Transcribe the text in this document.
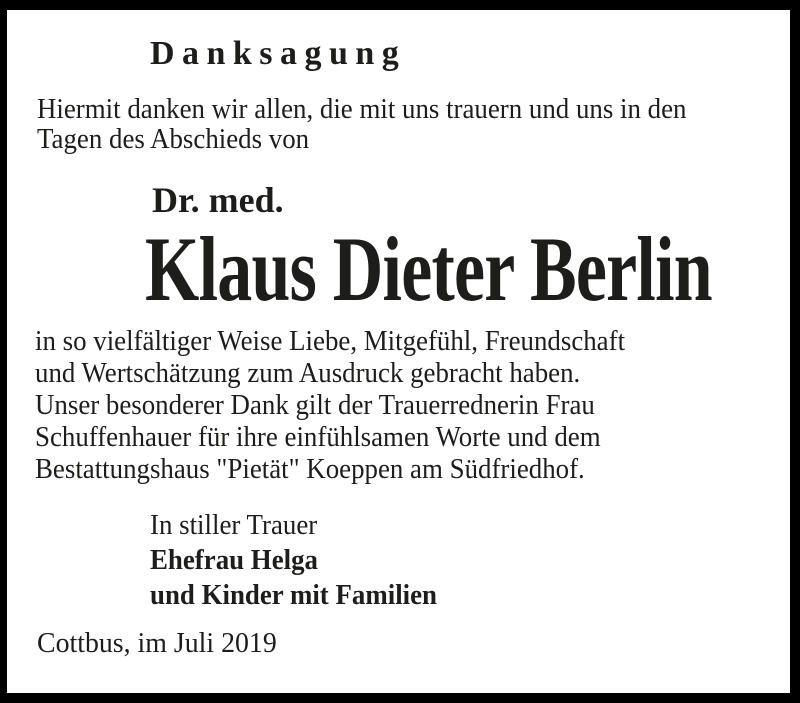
Danksagung
Hiermit danken wir allen, die mit uns trauern und uns in den
Tagen des Abschieds von
Dr. med.
Klaus Dieter Berlin
in so vielfältiger Weise Liebe, Mitgefühl, Freundschaft
und Wertschätzung zum Ausdruck gebracht haben.
Unser besonderer Dank gilt der Trauerrednerin Frau
Schuffenhauer für ihre einfühlsamen Worte und dem
Bestattungshaus "Pietät" Koeppen am Südfriedhof.
In stiller Trauer
Ehefrau Helga
und Kinder mit Familien
Cottbus, im Juli 2019
